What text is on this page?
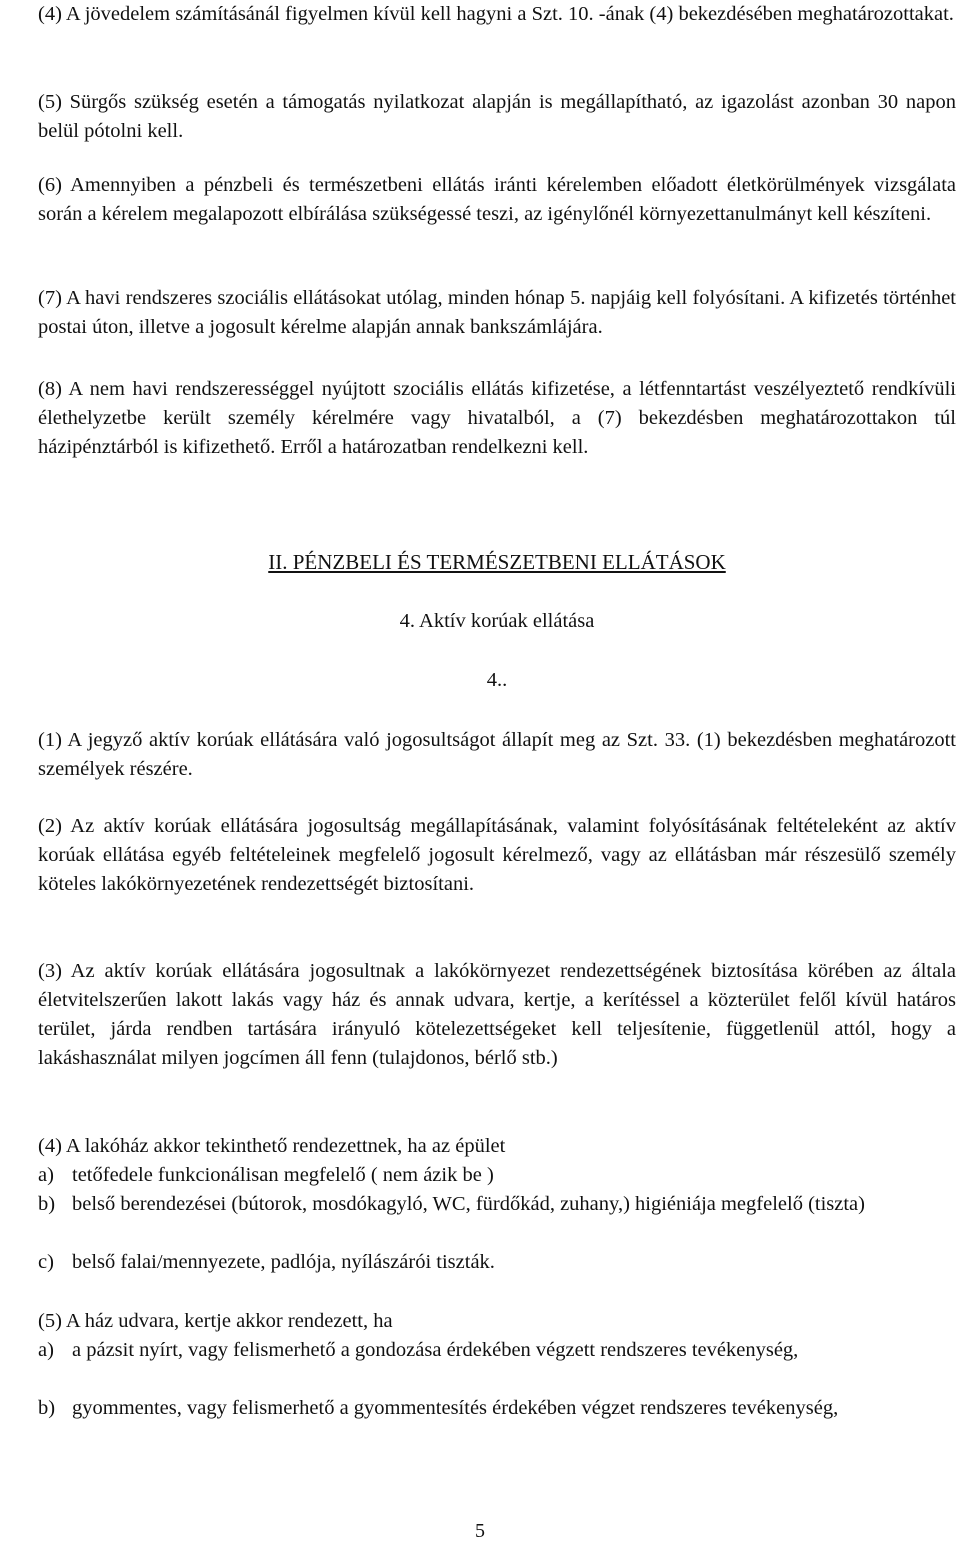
(4) A jövedelem számításánál figyelmen kívül kell hagyni a Szt. 10. -ának (4) bekezdésében meghatározottakat.

(5) Sürgős szükség esetén a támogatás nyilatkozat alapján is megállapítható, az igazolást azonban 30 napon belül pótolni kell.

(6) Amennyiben a pénzbeli és természetbeni ellátás iránti kérelemben előadott életkörülmények vizsgálata során a kérelem megalapozott elbírálása szükségessé teszi, az igénylőnél környezettanulmányt kell készíteni.

(7) A havi rendszeres szociális ellátásokat utólag, minden hónap 5. napjáig kell folyósítani. A kifizetés történhet postai úton, illetve a jogosult kérelme alapján annak bankszámlájára.

(8) A nem havi rendszerességgel nyújtott szociális ellátás kifizetése, a létfenntartást veszélyeztető rendkívüli élethelyzetbe került személy kérelmére vagy hivatalból, a (7) bekezdésben meghatározottakon túl házipénztárból is kifizethető. Erről a határozatban rendelkezni kell.

II. PÉNZBELI ÉS TERMÉSZETBENI ELLÁTÁSOK

4. Aktív korúak ellátása

4..

(1) A jegyző aktív korúak ellátására való jogosultságot állapít meg az Szt. 33. (1) bekezdésben meghatározott személyek részére.

(2) Az aktív korúak ellátására jogosultság megállapításának, valamint folyósításának feltételeként az aktív korúak ellátása egyéb feltételeinek megfelelő jogosult kérelmező, vagy az ellátásban már részesülő személy köteles lakókörnyezetének rendezettségét biztosítani.

(3) Az aktív korúak ellátására jogosultnak a lakókörnyezet rendezettségének biztosítása körében az általa életvitelszerűen lakott lakás vagy ház és annak udvara, kertje, a kerítéssel a közterület felől kívül határos terület, járda rendben tartására irányuló kötelezettségeket kell teljesítenie, függetlenül attól, hogy a lakáshasználat milyen jogcímen áll fenn (tulajdonos, bérlő stb.)

(4) A lakóház akkor tekinthető rendezettnek, ha az épület

a) tetőfedele funkcionálisan megfelelő ( nem ázik be )
b) belső berendezései (bútorok, mosdókagyló, WC, fürdőkád, zuhany,) higiéniája megfelelő (tiszta)
c) belső falai/mennyezete, padlója, nyílászárói tiszták.

(5) A ház udvara, kertje akkor rendezett, ha

a) a pázsit nyírt, vagy felismerhető a gondozása érdekében végzett rendszeres tevékenység,
b) gyommentes, vagy felismerhető a gyommentesítés érdekében végzet rendszeres tevékenység,
5
